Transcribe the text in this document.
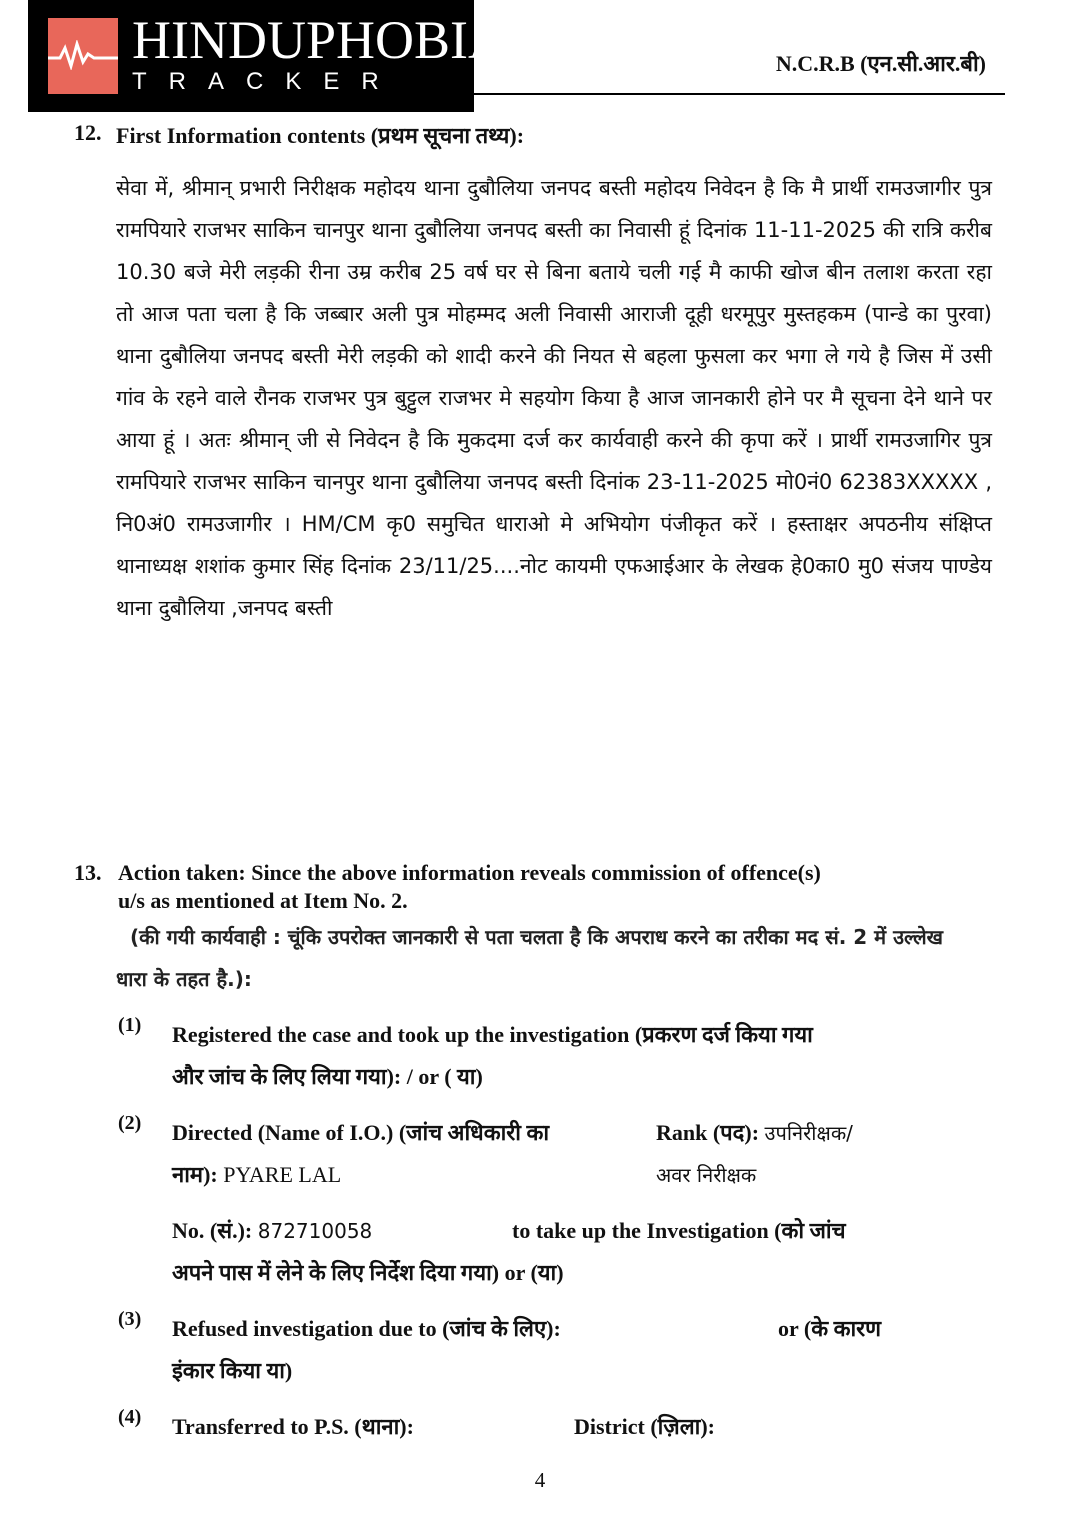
HINDUPHOBIA
TRACKER
N.C.R.B (एन.सी.आर.बी)
12. First Information contents (प्रथम सूचना तथ्य):
सेवा में, श्रीमान् प्रभारी निरीक्षक महोदय थाना दुबौलिया जनपद बस्ती महोदय निवेदन है कि मै प्रार्थी रामउजागीर पुत्र रामपियारे राजभर साकिन चानपुर थाना दुबौलिया जनपद बस्ती का निवासी हूं दिनांक 11-11-2025 की रात्रि करीब 10.30 बजे मेरी लड़की रीना उम्र करीब 25 वर्ष घर से बिना बताये चली गई मै काफी खोज बीन तलाश करता रहा तो आज पता चला है कि जब्बार अली पुत्र मोहम्मद अली निवासी आराजी दूही धरमूपुर मुस्तहकम (पान्डे का पुरवा) थाना दुबौलिया जनपद बस्ती मेरी लड़की को शादी करने की नियत से बहला फुसला कर भगा ले गये है जिस में उसी गांव के रहने वाले रौनक राजभर पुत्र बुट्टुल राजभर मे सहयोग किया है आज जानकारी होने पर मै सूचना देने थाने पर आया हूं । अतः श्रीमान् जी से निवेदन है कि मुकदमा दर्ज कर कार्यवाही करने की कृपा करें । प्रार्थी रामउजागिर पुत्र रामपियारे राजभर साकिन चानपुर थाना दुबौलिया जनपद बस्ती दिनांक 23-11-2025 मो0नं0 62383XXXXX , नि0अं0 रामउजागीर । HM/CM कृ0 समुचित धाराओ मे अभियोग पंजीकृत करें । हस्ताक्षर अपठनीय संक्षिप्त थानाध्यक्ष शशांक कुमार सिंह दिनांक 23/11/25....नोट कायमी एफआईआर के लेखक हे0का0 मु0 संजय पाण्डेय थाना दुबौलिया ,जनपद बस्ती
13. Action taken: Since the above information reveals commission of offence(s)
u/s as mentioned at Item No. 2.
(की गयी कार्यवाही : चूंकि उपरोक्त जानकारी से पता चलता है कि अपराध करने का तरीका मद सं. 2 में उल्लेख धारा के तहत है.):
(1) Registered the case and took up the investigation (प्रकरण दर्ज किया गया
और जांच के लिए लिया गया): / or ( या)
(2) Directed (Name of I.O.) (जांच अधिकारी का
नाम): PYARE LAL
Rank (पद): उपनिरीक्षक/
अवर निरीक्षक
No. (सं.): 872710058	to take up the Investigation (को जांच
अपने पास में लेने के लिए निर्देश दिया गया) or (या)
(3) Refused investigation due to (जांच के लिए):	or (के कारण
इंकार किया या)
(4) Transferred to P.S. (थाना):	District (ज़िला):
4
